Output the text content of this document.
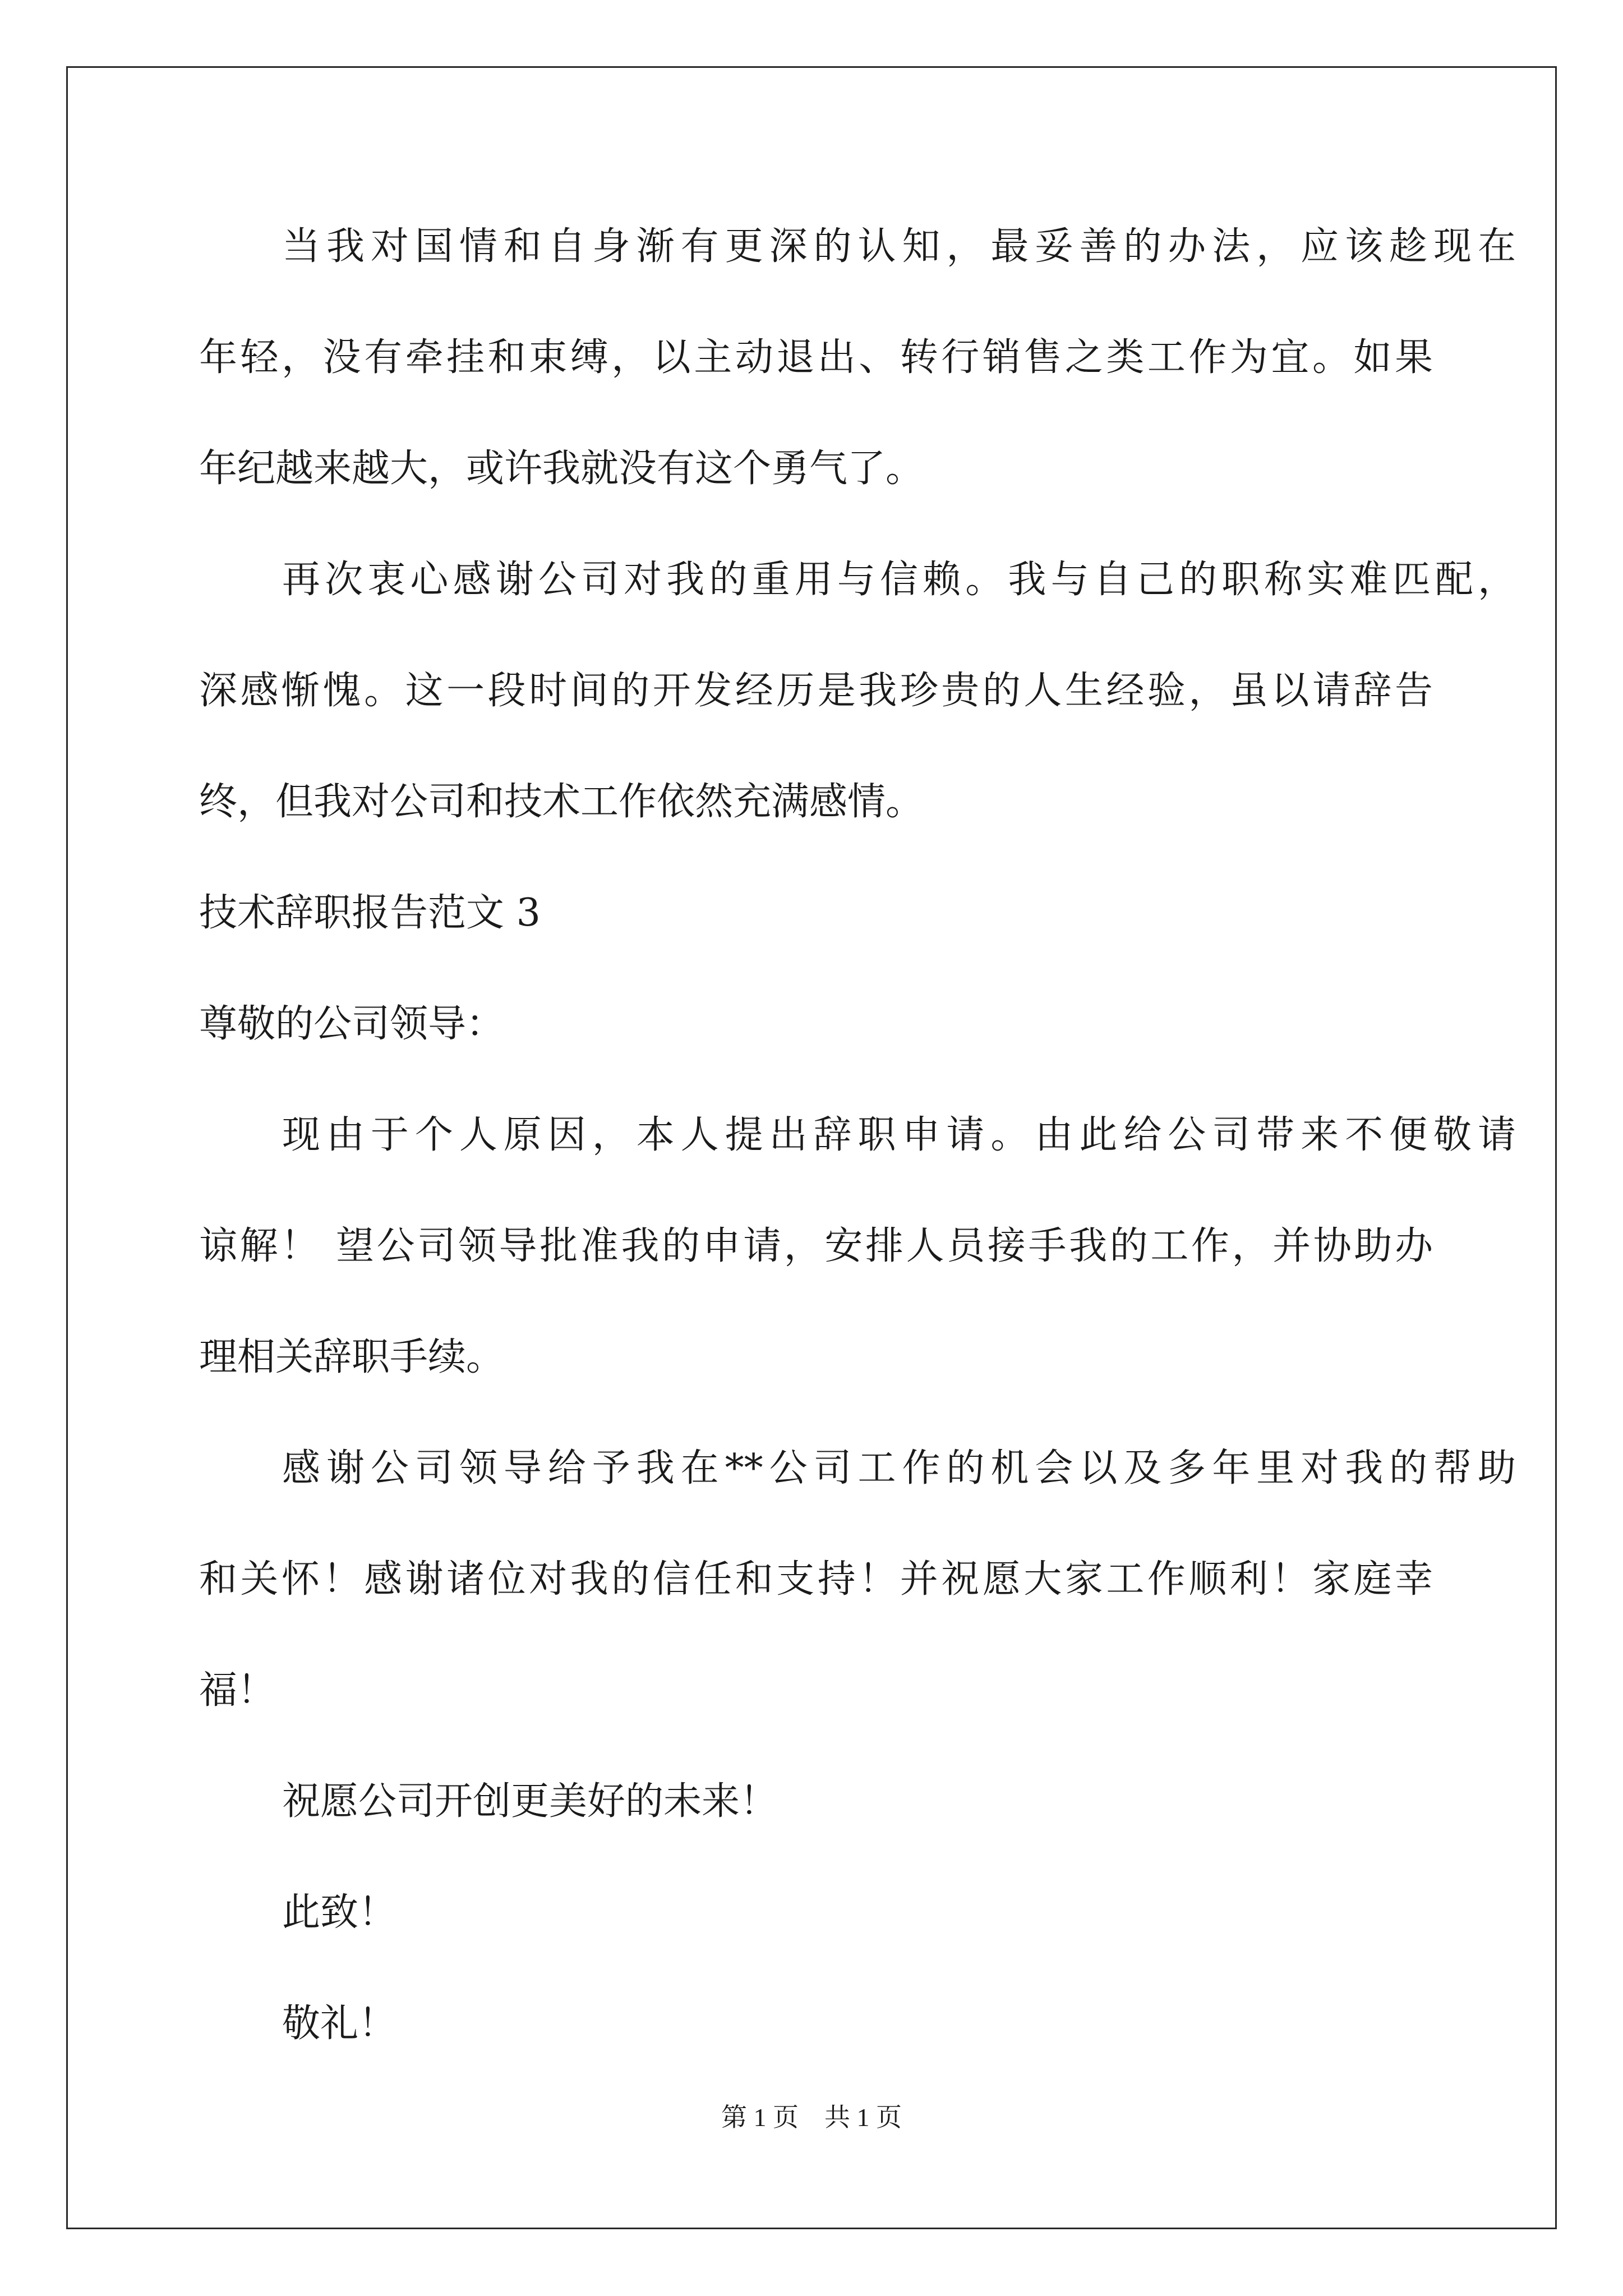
当我对国情和自身渐有更深的认知，最妥善的办法，应该趁现在

年轻，没有牵挂和束缚，以主动退出、转行销售之类工作为宜。如果

年纪越来越大，或许我就没有这个勇气了。

再次衷心感谢公司对我的重用与信赖。我与自己的职称实难匹配，

深感惭愧。这一段时间的开发经历是我珍贵的人生经验，虽以请辞告

终，但我对公司和技术工作依然充满感情。

技术辞职报告范文 3

尊敬的公司领导：

现由于个人原因，本人提出辞职申请。由此给公司带来不便敬请

谅解！ 望公司领导批准我的申请，安排人员接手我的工作，并协助办

理相关辞职手续。

感谢公司领导给予我在**公司工作的机会以及多年里对我的帮助

和关怀！感谢诸位对我的信任和支持！并祝愿大家工作顺利！家庭幸

福！

祝愿公司开创更美好的未来！

此致！

敬礼！

第 1 页 共 1 页
